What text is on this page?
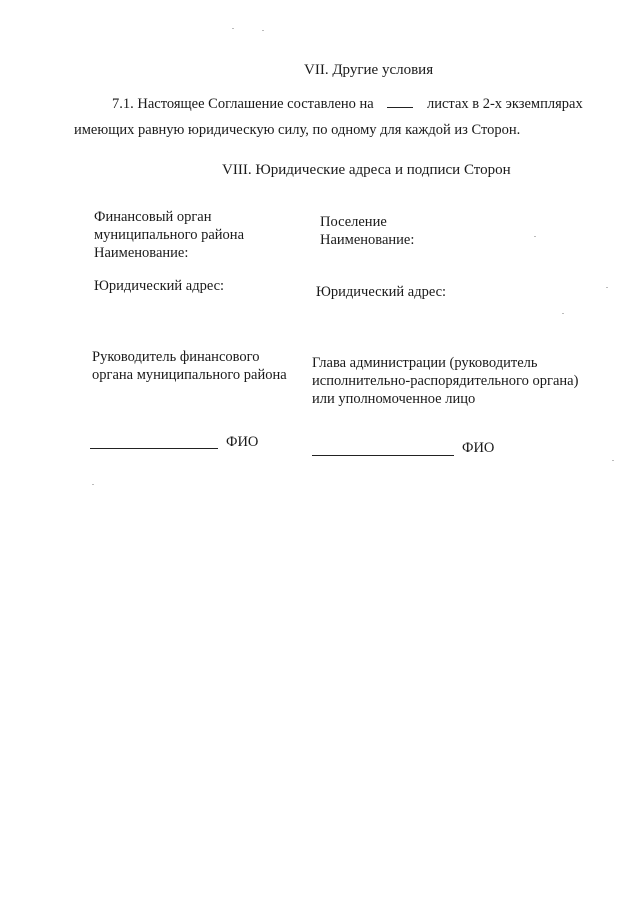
VII. Другие условия
7.1. Настоящее Соглашение составлено на	листах в 2-х экземплярах
имеющих равную юридическую силу, по одному для каждой из Сторон.
VIII. Юридические адреса и подписи Сторон
Финансовый орган
муниципального района
Наименование:
Юридический адрес:
Руководитель финансового
органа муниципального района
ФИО
Поселение
Наименование:
Юридический адрес:
Глава администрации (руководитель
исполнительно-распорядительного органа)
или уполномоченное лицо
ФИО
